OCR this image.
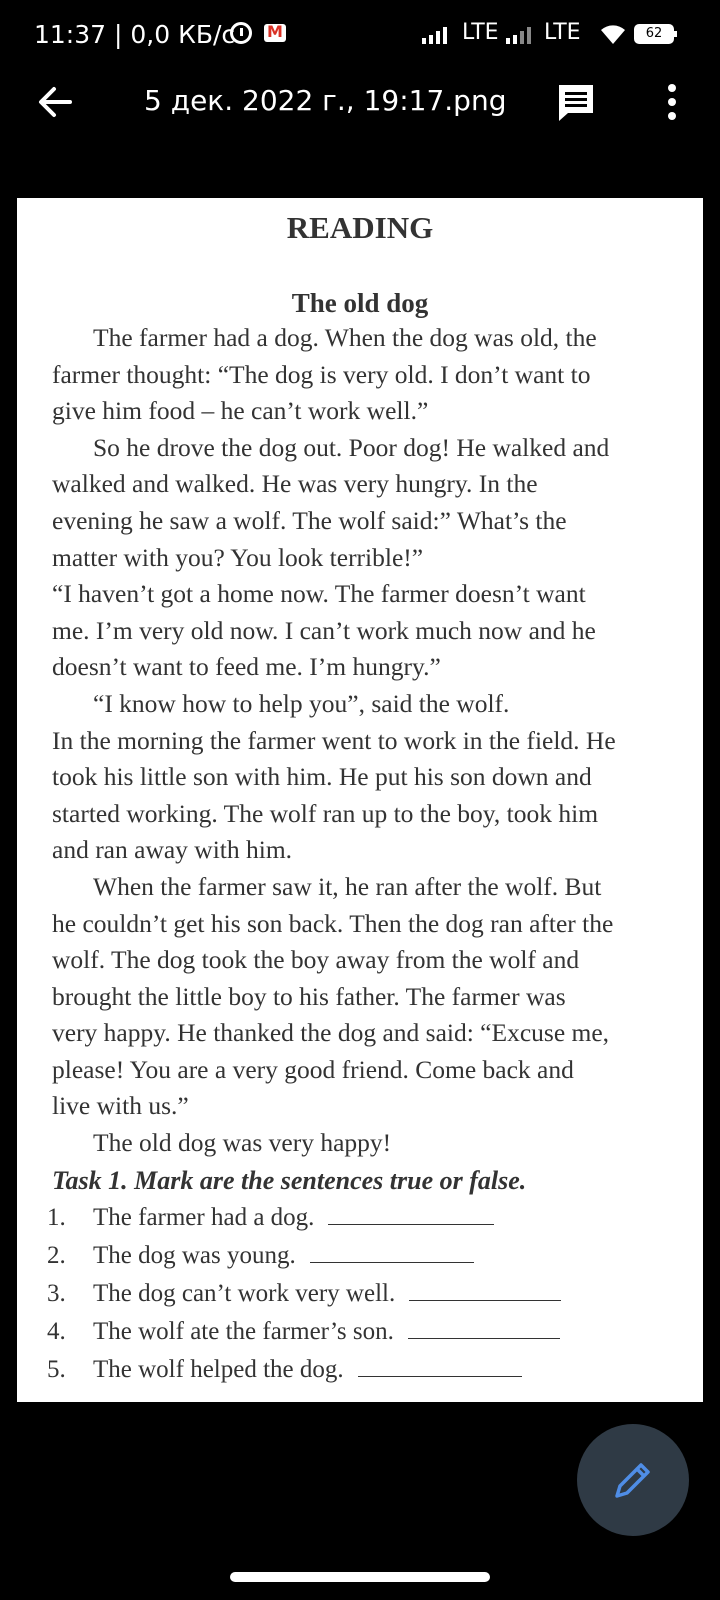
11:37 | 0,0 КБ/с M	LTE LTE	62
5 дек. 2022 г., 19:17.png
READING
The old dog

The farmer had a dog. When the dog was old, the

farmer thought: “The dog is very old. I don’t want to

give him food – he can’t work well.”

So he drove the dog out. Poor dog! He walked and

walked and walked. He was very hungry. In the

evening he saw a wolf. The wolf said:” What’s the

matter with you? You look terrible!”

“I haven’t got a home now. The farmer doesn’t want

me. I’m very old now. I can’t work much now and he

doesn’t want to feed me. I’m hungry.”

“I know how to help you”, said the wolf.

In the morning the farmer went to work in the field. He

took his little son with him. He put his son down and

started working. The wolf ran up to the boy, took him

and ran away with him.

When the farmer saw it, he ran after the wolf. But

he couldn’t get his son back. Then the dog ran after the

wolf. The dog took the boy away from the wolf and

brought the little boy to his father. The farmer was

very happy. He thanked the dog and said: “Excuse me,

please! You are a very good friend. Come back and

live with us.”

The old dog was very happy!

Task 1. Mark are the sentences true or false.
1.	The farmer had a dog.
2.	The dog was young.
3.	The dog can’t work very well.
4.	The wolf ate the farmer’s son.
5.	The wolf helped the dog.
